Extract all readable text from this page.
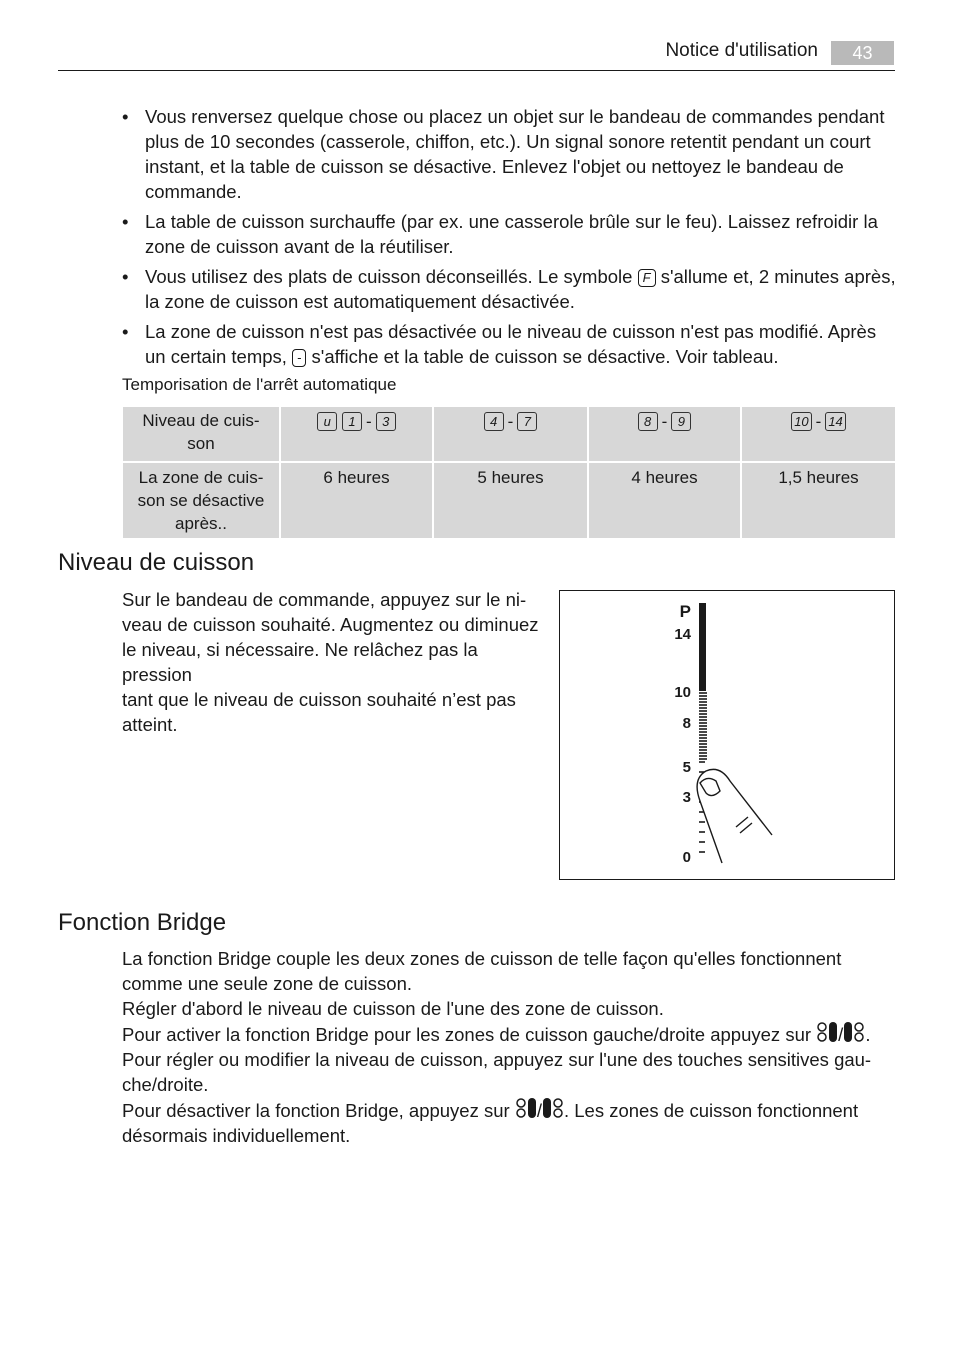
Notice d'utilisation	43
• Vous renversez quelque chose ou placez un objet sur le bandeau de commandes pendant plus de 10 secondes (casserole, chiffon, etc.). Un signal sonore retentit pendant un court instant, et la table de cuisson se désactive. Enlevez l'objet ou nettoyez le bandeau de commande.
• La table de cuisson surchauffe (par ex. une casserole brûle sur le feu). Laissez refroidir la zone de cuisson avant de la réutiliser.
• Vous utilisez des plats de cuisson déconseillés. Le symbole F s'allume et, 2 minutes après, la zone de cuisson est automatiquement désactivée.
• La zone de cuisson n'est pas désactivée ou le niveau de cuisson n'est pas modifié. Après un certain temps, - s'affiche et la table de cuisson se désactive. Voir tableau.
Temporisation de l'arrêt automatique
Niveau de cuis-
son	u 1 - 3	4 - 7	8 - 9	10 - 14
La zone de cuis-
son se désactive
après..	6 heures	5 heures	4 heures	1,5 heures
Niveau de cuisson

Sur le bandeau de commande, appuyez sur le ni-
veau de cuisson souhaité. Augmentez ou diminuez
le niveau, si nécessaire. Ne relâchez pas la pression
tant que le niveau de cuisson souhaité n’est pas
atteint.

P
14
10
8
5
3
0
Fonction Bridge

La fonction Bridge couple les deux zones de cuisson de telle façon qu'elles fonctionnent comme une seule zone de cuisson.

Régler d'abord le niveau de cuisson de l'une des zone de cuisson.

Pour activer la fonction Bridge pour les zones de cuisson gauche/droite appuyez sur / . Pour régler ou modifier la niveau de cuisson, appuyez sur l'une des touches sensitives gau-che/droite.

Pour désactiver la fonction Bridge, appuyez sur / . Les zones de cuisson fonctionnent désormais individuellement.
